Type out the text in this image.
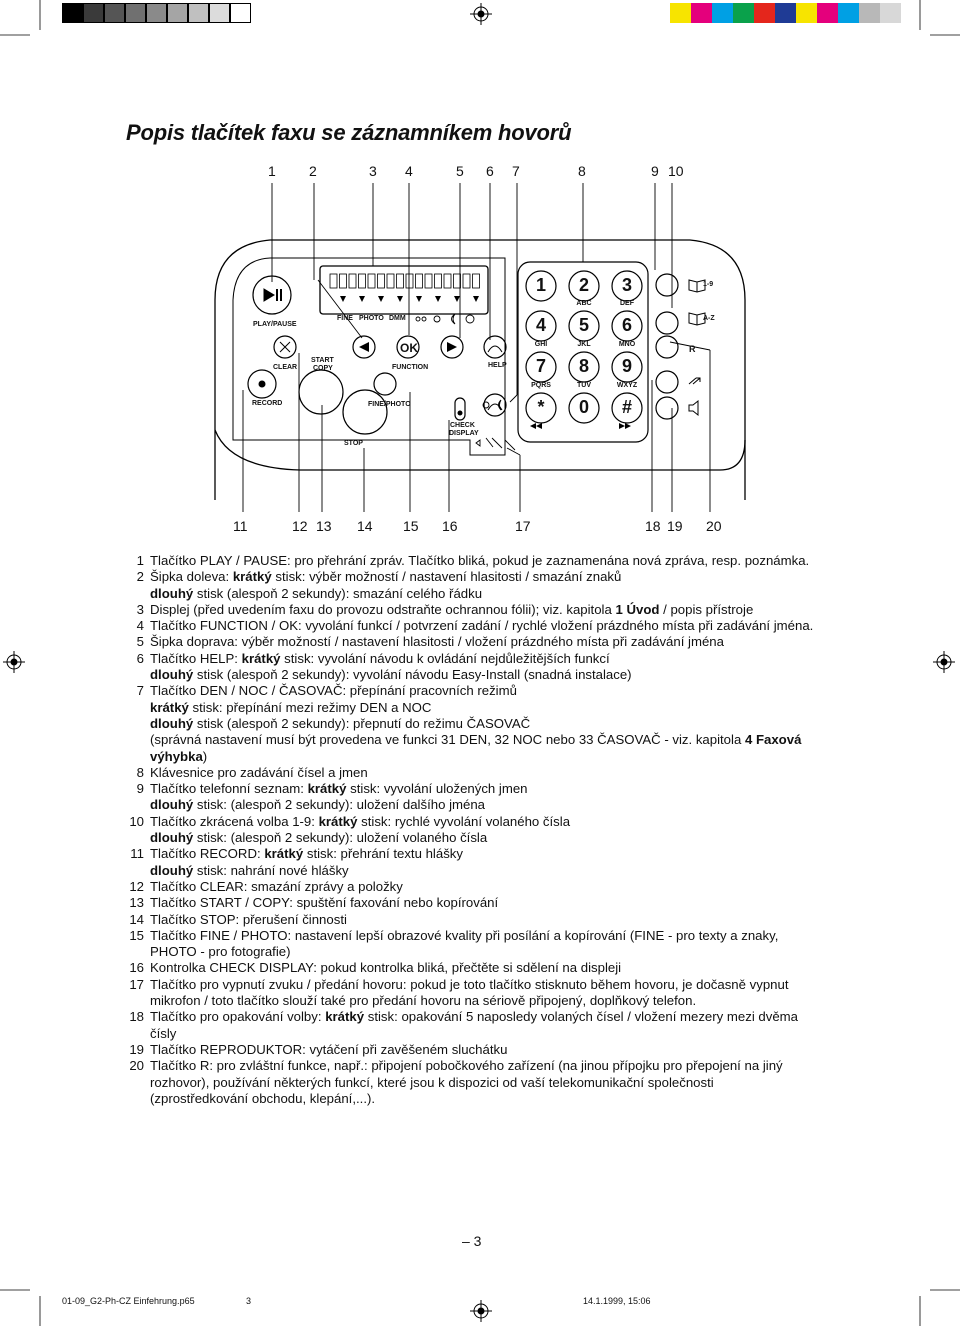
Popis tlačítek faxu se záznamníkem hovorů
1 2	3 4	5 6 7	8	9 10
11	12 13 14 15 16	17	18 19 20
PLAY/PAUSE
FINE PHOTO DMM
CLEAR
START
COPY
OK
FUNCTION	HELP
RECORD	FINE/PHOTO
STOP
CHECK
DISPLAY
1-9
A-Z
R
1	2	3
4	5	6
7	8	9
*	0	#
ABC	DEF
GHI	JKL	MNO
PQRS	TUV	WXYZ
1 Tlačítko PLAY / PAUSE: pro přehrání zpráv. Tlačítko bliká, pokud je zaznamenána nová zpráva, resp. poznámka.
2 Šipka doleva: krátký stisk: výběr možností / nastavení hlasitosti / smazání znaků
dlouhý stisk (alespoň 2 sekundy): smazání celého řádku
3 Displej (před uvedením faxu do provozu odstraňte ochrannou fólii); viz. kapitola 1 Úvod / popis přístroje
4 Tlačítko FUNCTION / OK: vyvolání funkcí / potvrzení zadání / rychlé vložení prázdného místa při zadávání jména.
5 Šipka doprava: výběr možností / nastavení hlasitosti / vložení prázdného místa při zadávání jména
6 Tlačítko HELP: krátký stisk: vyvolání návodu k ovládání nejdůležitějších funkcí
dlouhý stisk (alespoň 2 sekundy): vyvolání návodu Easy-Install (snadná instalace)
7 Tlačítko DEN / NOC / ČASOVAČ: přepínání pracovních režimů
krátký stisk: přepínání mezi režimy DEN a NOC
dlouhý stisk (alespoň 2 sekundy): přepnutí do režimu ČASOVAČ
(správná nastavení musí být provedena ve funkci 31 DEN, 32 NOC nebo 33 ČASOVAČ - viz. kapitola 4 Faxová
výhybka)
8 Klávesnice pro zadávání čísel a jmen
9 Tlačítko telefonní seznam: krátký stisk: vyvolání uložených jmen
dlouhý stisk: (alespoň 2 sekundy): uložení dalšího jména
10 Tlačítko zkrácená volba 1-9: krátký stisk: rychlé vyvolání volaného čísla
dlouhý stisk: (alespoň 2 sekundy): uložení volaného čísla
11 Tlačítko RECORD: krátký stisk: přehrání textu hlášky
dlouhý stisk: nahrání nové hlášky
12 Tlačítko CLEAR: smazání zprávy a položky
13 Tlačítko START / COPY: spuštění faxování nebo kopírování
14 Tlačítko STOP: přerušení činnosti
15 Tlačítko FINE / PHOTO: nastavení lepší obrazové kvality při posílání a kopírování (FINE - pro texty a znaky,
PHOTO - pro fotografie)
16 Kontrolka CHECK DISPLAY: pokud kontrolka bliká, přečtěte si sdělení na displeji
17 Tlačítko pro vypnutí zvuku / předání hovoru: pokud je toto tlačítko stisknuto během hovoru, je dočasně vypnut
mikrofon / toto tlačítko slouží také pro předání hovoru na sériově připojený, doplňkový telefon.
18 Tlačítko pro opakování volby: krátký stisk: opakování 5 naposledy volaných čísel / vložení mezery mezi dvěma
čísly
19 Tlačítko REPRODUKTOR: vytáčení při zavěšeném sluchátku
20 Tlačítko R: pro zvláštní funkce, např.: připojení pobočkového zařízení (na jinou přípojku pro přepojení na jiný
rozhovor), používání některých funkcí, které jsou k dispozici od vaší telekomunikační společnosti
(zprostředkování obchodu, klepání,...).
– 3
01-09_G2-Ph-CZ Einfehrung.p65	3	14.1.1999, 15:06
